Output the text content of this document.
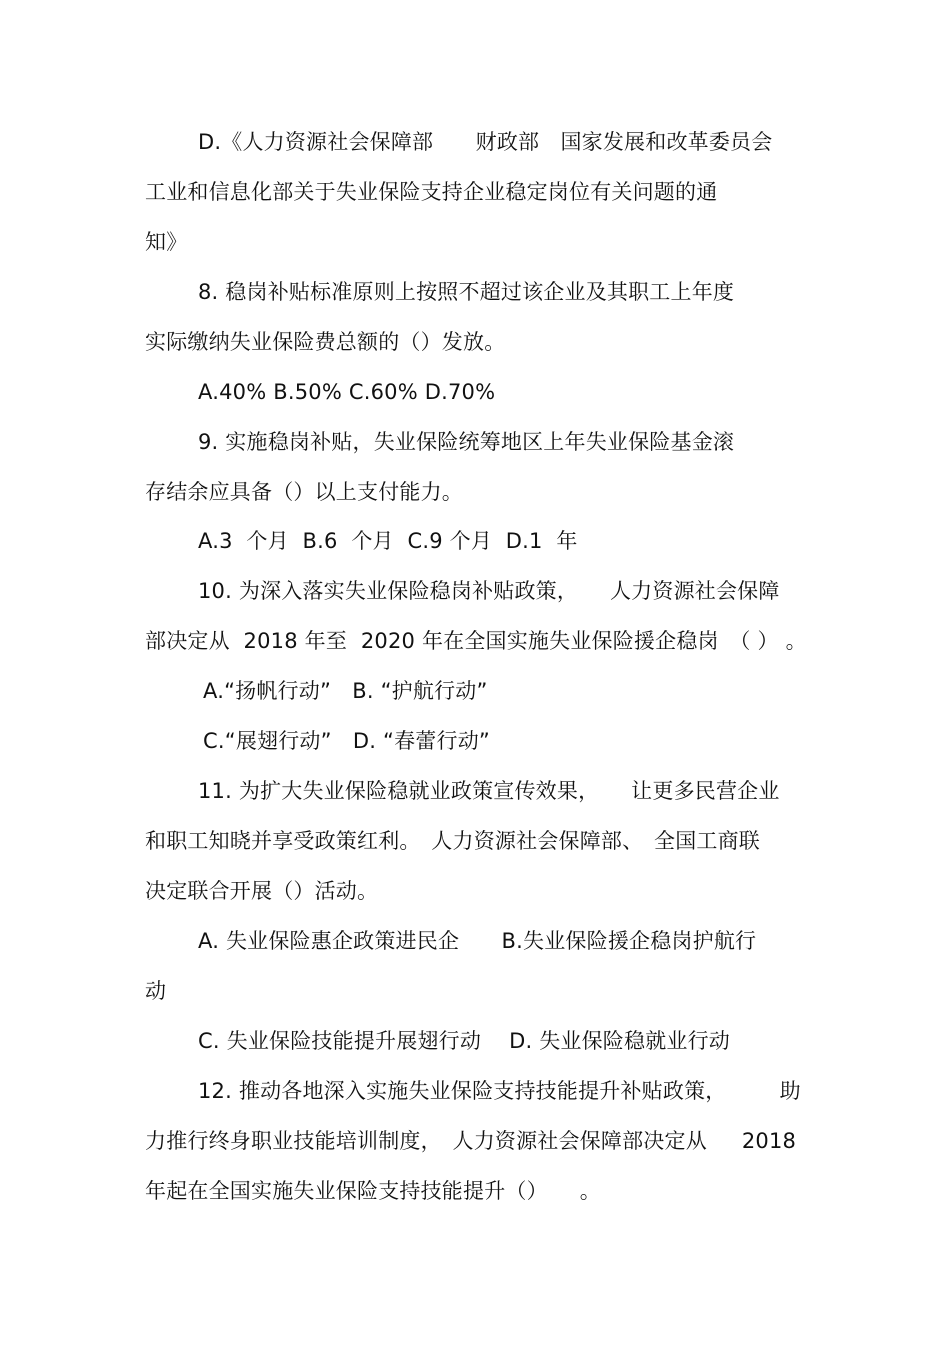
D.《人力资源社会保障部　　财政部　国家发展和改革委员会
工业和信息化部关于失业保险支持企业稳定岗位有关问题的通
知》
8. 稳岗补贴标准原则上按照不超过该企业及其职工上年度
实际缴纳失业保险费总额的（）发放。
A.40% B.50% C.60% D.70%
9. 实施稳岗补贴，失业保险统筹地区上年失业保险基金滚
存结余应具备（）以上支付能力。
A.3  个月  B.6  个月  C.9 个月  D.1  年
10. 为深入落实失业保险稳岗补贴政策，　　人力资源社会保障
部决定从  2018 年至  2020 年在全国实施失业保险援企稳岗　（ ） 。
A.“扬帆行动”　B. “护航行动”
C.“展翅行动”　D. “春蕾行动”
11. 为扩大失业保险稳就业政策宣传效果，　　让更多民营企业
和职工知晓并享受政策红利。　人力资源社会保障部、　全国工商联
决定联合开展（）活动。
A. 失业保险惠企政策进民企　　B.失业保险援企稳岗护航行
动
C. 失业保险技能提升展翅行动　 D. 失业保险稳就业行动
12. 推动各地深入实施失业保险支持技能提升补贴政策，　　　助
力推行终身职业技能培训制度，　人力资源社会保障部决定从　  2018
年起在全国实施失业保险支持技能提升（）　　。
